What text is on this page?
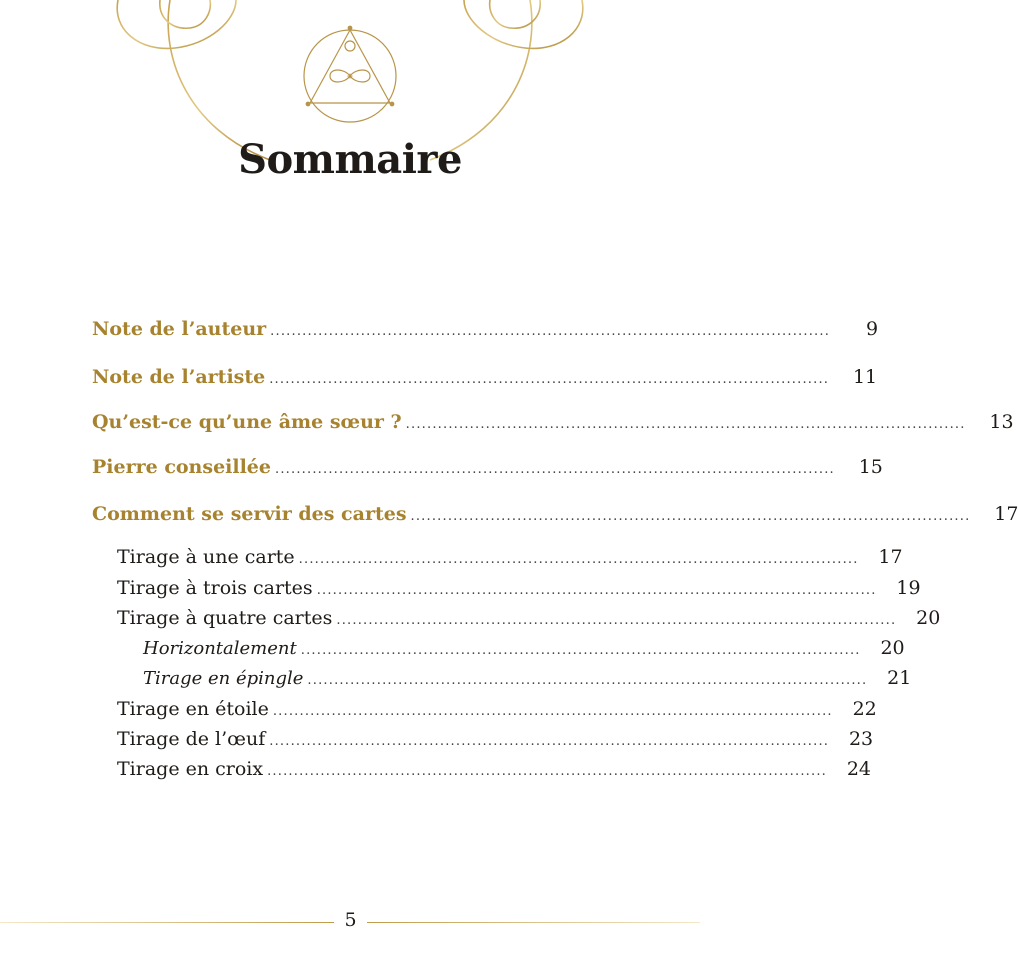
Sommaire
Note de l’auteur .........................................................................................................	9
Note de l’artiste .........................................................................................................	11
Qu’est-ce qu’une âme sœur ? .........................................................................................................	13
Pierre conseillée .........................................................................................................	15
Comment se servir des cartes .........................................................................................................	17
Tirage à une carte .........................................................................................................	17
Tirage à trois cartes .........................................................................................................	19
Tirage à quatre cartes .........................................................................................................	20
Horizontalement .........................................................................................................	20
Tirage en épingle .........................................................................................................	21
Tirage en étoile .........................................................................................................	22
Tirage de l’œuf .........................................................................................................	23
Tirage en croix .........................................................................................................	24
5
